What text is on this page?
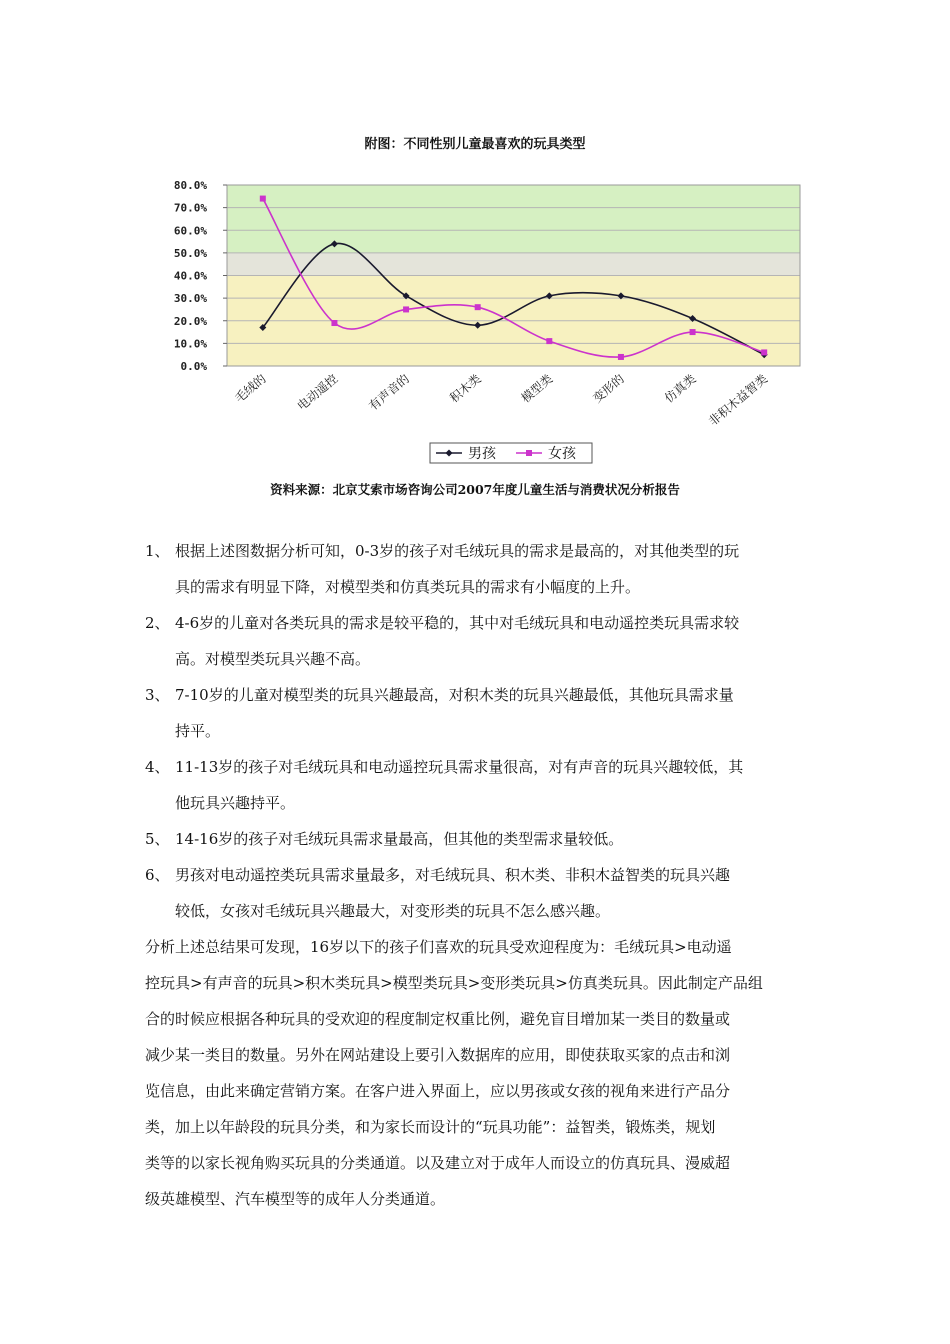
附图：不同性别儿童最喜欢的玩具类型
80.0%
70.0%
60.0%
50.0%
40.0%
30.0%
20.0%
10.0%
0.0%
毛绒的 电动遥控 有声音的	积木类	模型类	变形的	仿真类 非积木益智类
男孩	女孩
资料来源：北京艾索市场咨询公司2007年度儿童生活与消费状况分析报告
1、 根据上述图数据分析可知，0-3岁的孩子对毛绒玩具的需求是最高的，对其他类型的玩
具的需求有明显下降，对模型类和仿真类玩具的需求有小幅度的上升。
2、 4-6岁的儿童对各类玩具的需求是较平稳的，其中对毛绒玩具和电动遥控类玩具需求较
高。对模型类玩具兴趣不高。
3、 7-10岁的儿童对模型类的玩具兴趣最高，对积木类的玩具兴趣最低，其他玩具需求量
持平。
4、 11-13岁的孩子对毛绒玩具和电动遥控玩具需求量很高，对有声音的玩具兴趣较低，其
他玩具兴趣持平。
5、 14-16岁的孩子对毛绒玩具需求量最高，但其他的类型需求量较低。
6、 男孩对电动遥控类玩具需求量最多，对毛绒玩具、积木类、非积木益智类的玩具兴趣
较低，女孩对毛绒玩具兴趣最大，对变形类的玩具不怎么感兴趣。
分析上述总结果可发现，16岁以下的孩子们喜欢的玩具受欢迎程度为：毛绒玩具>电动遥
控玩具>有声音的玩具>积木类玩具>模型类玩具>变形类玩具>仿真类玩具。因此制定产品组
合的时候应根据各种玩具的受欢迎的程度制定权重比例，避免盲目增加某一类目的数量或
减少某一类目的数量。另外在网站建设上要引入数据库的应用，即使获取买家的点击和浏
览信息，由此来确定营销方案。在客户进入界面上，应以男孩或女孩的视角来进行产品分
类，加上以年龄段的玩具分类，和为家长而设计的“玩具功能”：益智类，锻炼类，规划
类等的以家长视角购买玩具的分类通道。以及建立对于成年人而设立的仿真玩具、漫威超
级英雄模型、汽车模型等的成年人分类通道。
